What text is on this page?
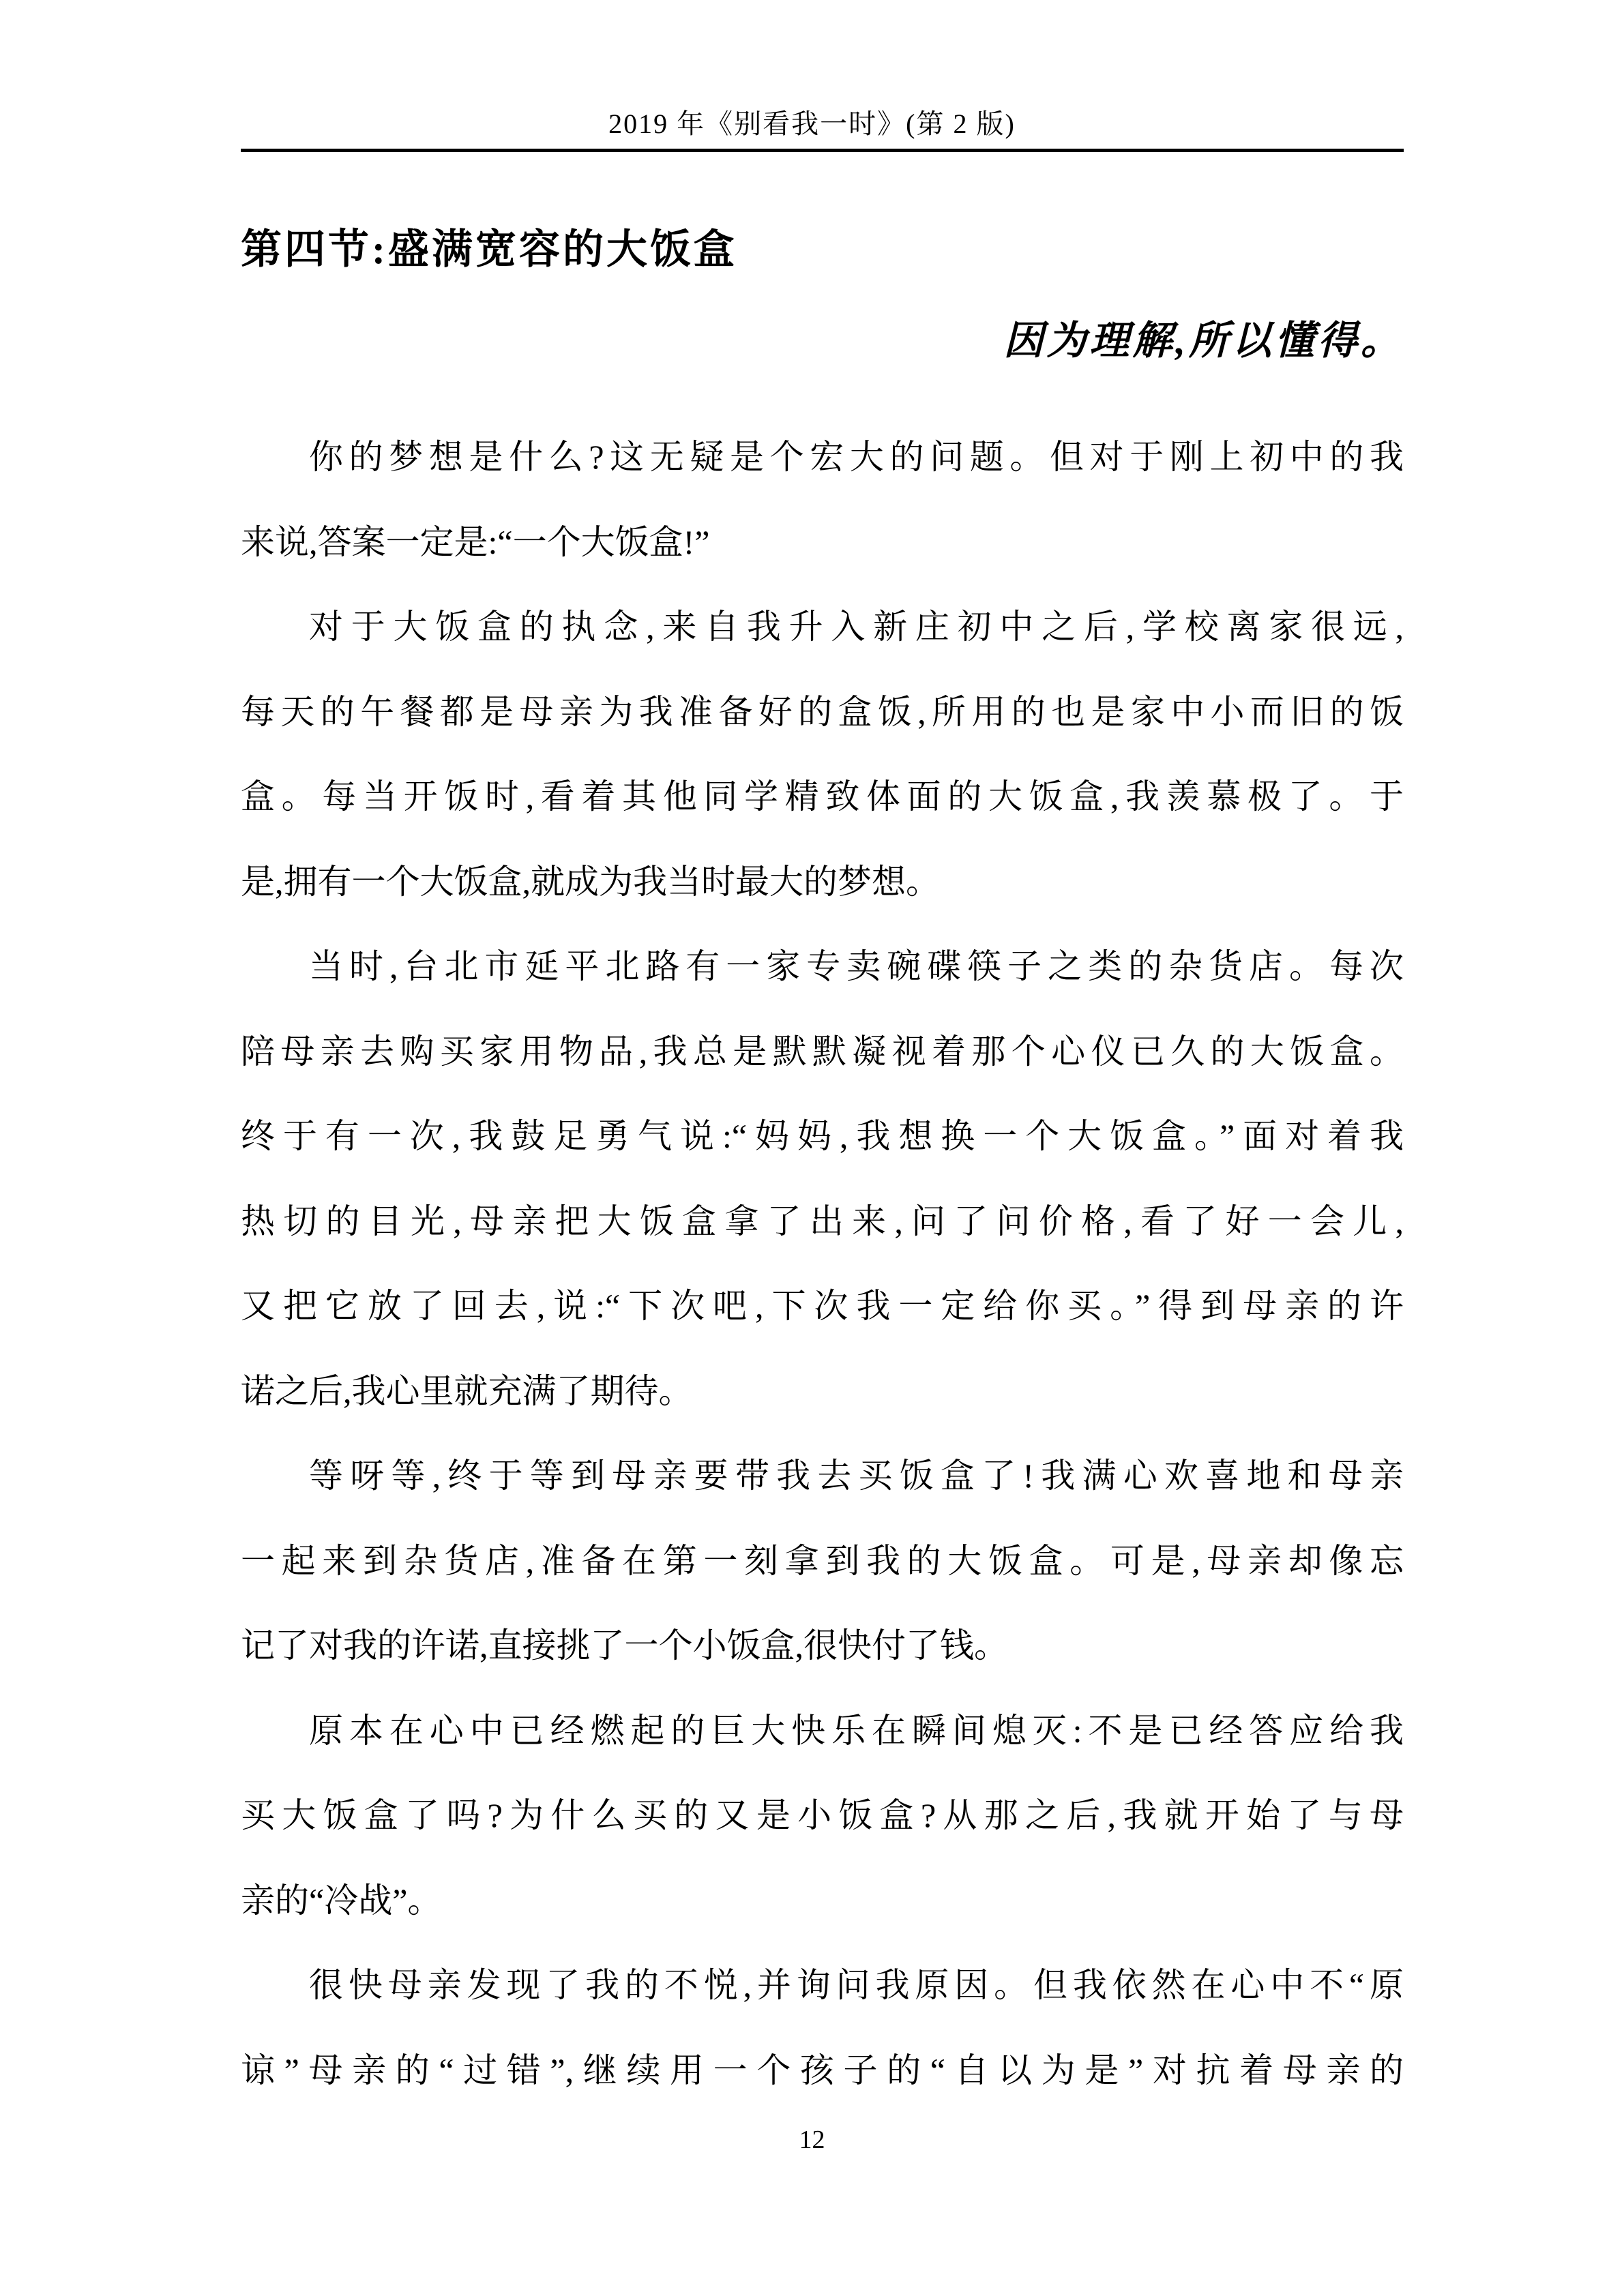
2019 年《别看我一时》(第 2 版)
第四节:盛满宽容的大饭盒
因为理解,所以懂得。
你的梦想是什么?这无疑是个宏大的问题。但对于刚上初中的我
来说,答案一定是:“一个大饭盒!”
对于大饭盒的执念,来自我升入新庄初中之后,学校离家很远,
每天的午餐都是母亲为我准备好的盒饭,所用的也是家中小而旧的饭
盒。每当开饭时,看着其他同学精致体面的大饭盒,我羡慕极了。于
是,拥有一个大饭盒,就成为我当时最大的梦想。
当时,台北市延平北路有一家专卖碗碟筷子之类的杂货店。每次
陪母亲去购买家用物品,我总是默默凝视着那个心仪已久的大饭盒。
终于有一次,我鼓足勇气说:“妈妈,我想换一个大饭盒。”面对着我
热切的目光,母亲把大饭盒拿了出来,问了问价格,看了好一会儿,
又把它放了回去,说:“下次吧,下次我一定给你买。”得到母亲的许
诺之后,我心里就充满了期待。
等呀等,终于等到母亲要带我去买饭盒了!我满心欢喜地和母亲
一起来到杂货店,准备在第一刻拿到我的大饭盒。可是,母亲却像忘
记了对我的许诺,直接挑了一个小饭盒,很快付了钱。
原本在心中已经燃起的巨大快乐在瞬间熄灭:不是已经答应给我
买大饭盒了吗?为什么买的又是小饭盒?从那之后,我就开始了与母
亲的“冷战”。
很快母亲发现了我的不悦,并询问我原因。但我依然在心中不“原
谅”母亲的“过错”,继续用一个孩子的“自以为是”对抗着母亲的
12
